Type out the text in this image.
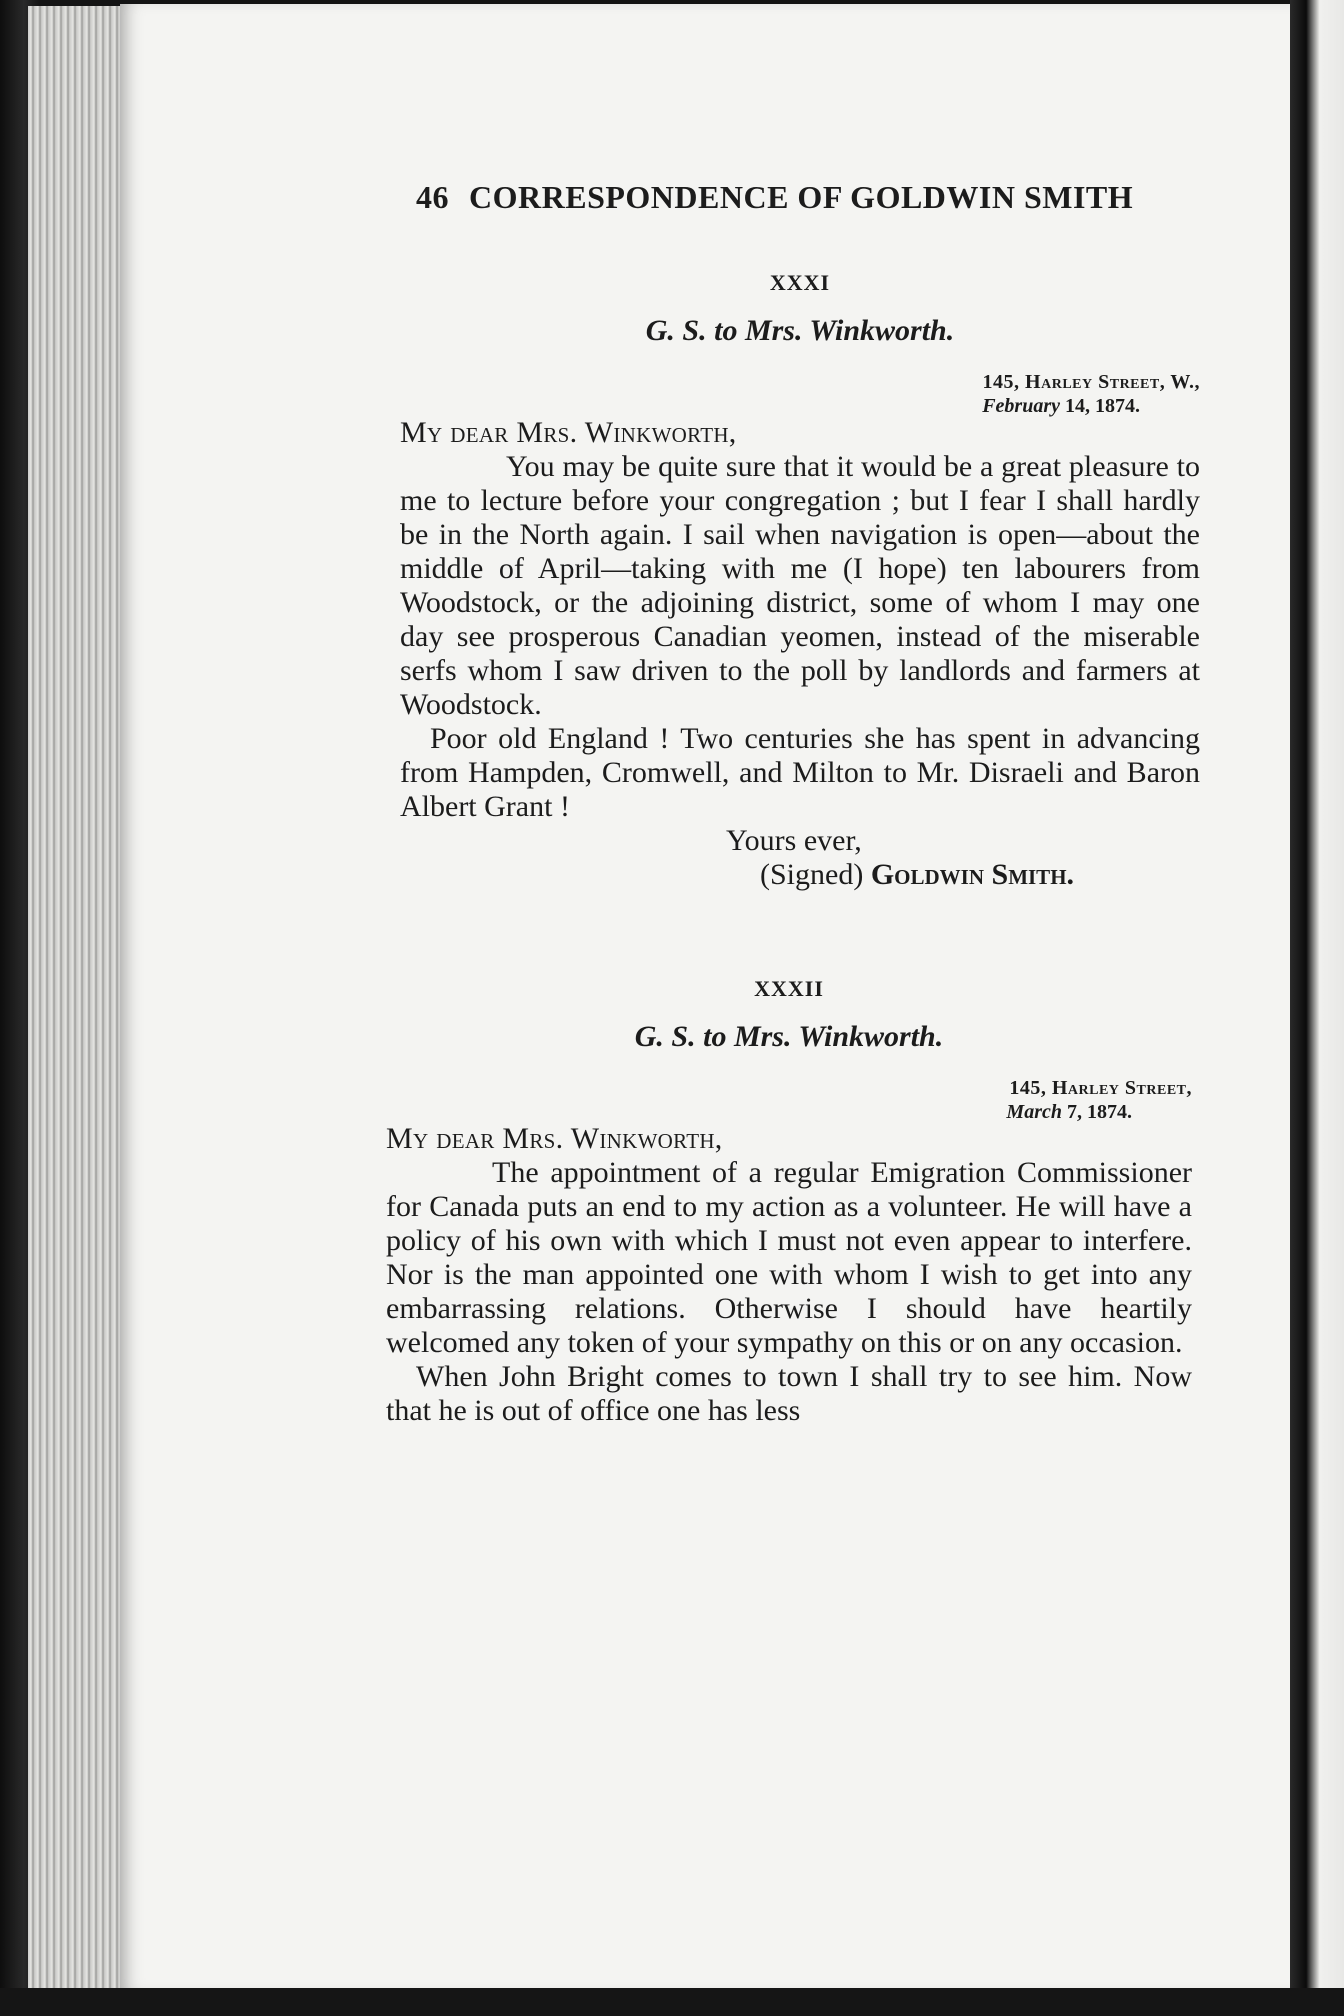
46 CORRESPONDENCE OF GOLDWIN SMITH
XXXI
G. S. to Mrs. Winkworth.
145, Harley Street, W.,
February 14, 1874.
My dear Mrs. Winkworth,

You may be quite sure that it would be a great pleasure to me to lecture before your congregation ; but I fear I shall hardly be in the North again. I sail when navigation is open—about the middle of April—taking with me (I hope) ten labourers from Woodstock, or the adjoining district, some of whom I may one day see prosperous Canadian yeomen, instead of the miserable serfs whom I saw driven to the poll by landlords and farmers at Woodstock.

Poor old England ! Two centuries she has spent in advancing from Hampden, Cromwell, and Milton to Mr. Disraeli and Baron Albert Grant !

Yours ever,

(Signed) Goldwin Smith.

XXXII
G. S. to Mrs. Winkworth.
145, Harley Street,
March 7, 1874.
My dear Mrs. Winkworth,

The appointment of a regular Emigration Commissioner for Canada puts an end to my action as a volunteer. He will have a policy of his own with which I must not even appear to interfere. Nor is the man appointed one with whom I wish to get into any embarrassing relations. Otherwise I should have heartily welcomed any token of your sympathy on this or on any occasion.

When John Bright comes to town I shall try to see him. Now that he is out of office one has less
